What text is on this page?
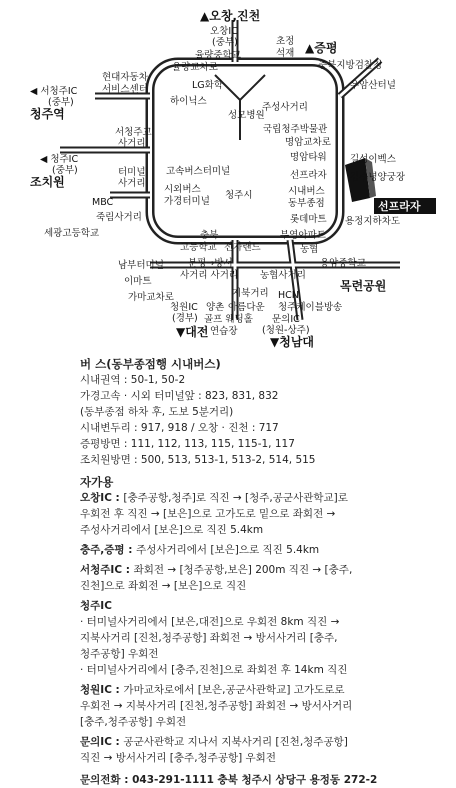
선프라자
▲오창,진천
오창IC
(중부)
율량중학교
율량교차로
초정
석재 ▲증평
충북지방검찰청
우암산터널
현대자동차
서비스센터
◀ 서청주IC
(중부)
청주역
LG화학
하이닉스
성모병원
주성사거리
국립청주박물관
명암교차로
길성이벡스
명암타워
김수녕양궁장
서청주교
사거리
◀ 청주IC
(중부)
조치원
터미널
사거리
고속버스터미널
시외버스
가경터미널
청주시
선프라자
시내버스
동부종점
롯데마트
부영아파트
용정지하차도
농협
MBC
죽림사거리
세광고등학교	충북
고등학교 전자랜드
용암중학교
남부터미널	분평→방서
사거리 사거리 농협사거리
이마트	목련공원
가마교차로	지북거리 HCN
청주케이블방송
양촌 아름다운
골프 웨딩홀
연습장
청원IC
(경부)
▼대전
문의IC
(청원-상주)
▼청남대
버 스(동부종점행 시내버스)
시내권역 : 50-1, 50-2
가경고속 · 시외 터미널앞 : 823, 831, 832
(동부종점 하차 후, 도보 5분거리)
시내변두리 : 917, 918 / 오창 · 진천 : 717
증평방면 : 111, 112, 113, 115, 115-1, 117
조치원방면 : 500, 513, 513-1, 513-2, 514, 515
자가용
오창IC : [충주공항,청주]로 직진 → [청주,공군사관학교]로
우회전 후 직진 → [보은]으로 고가도로 밑으로 좌회전 →
주성사거리에서 [보은]으로 직진 5.4km
충주,증평 : 주성사거리에서 [보은]으로 직진 5.4km
서청주IC : 좌회전 → [청주공항,보은] 200m 직진 → [충주,
진천]으로 좌회전 → [보은]으로 직진
청주IC
· 터미널사거리에서 [보은,대전]으로 우회전 8km 직진 →
지북사거리 [진천,청주공항] 좌회전 → 방서사거리 [충주,
청주공항] 우회전
· 터미널사거리에서 [충주,진천]으로 좌회전 후 14km 직진
청원IC : 가마교차로에서 [보은,공군사관학교] 고가도로로
우회전 → 지북사거리 [진천,청주공항] 좌회전 → 방서사거리
[충주,청주공항] 우회전
문의IC : 공군사관학교 지나서 지북사거리 [진천,청주공항]
직진 → 방서사거리 [충주,청주공항] 우회전
문의전화 : 043-291-1111 충북 청주시 상당구 용정동 272-2
